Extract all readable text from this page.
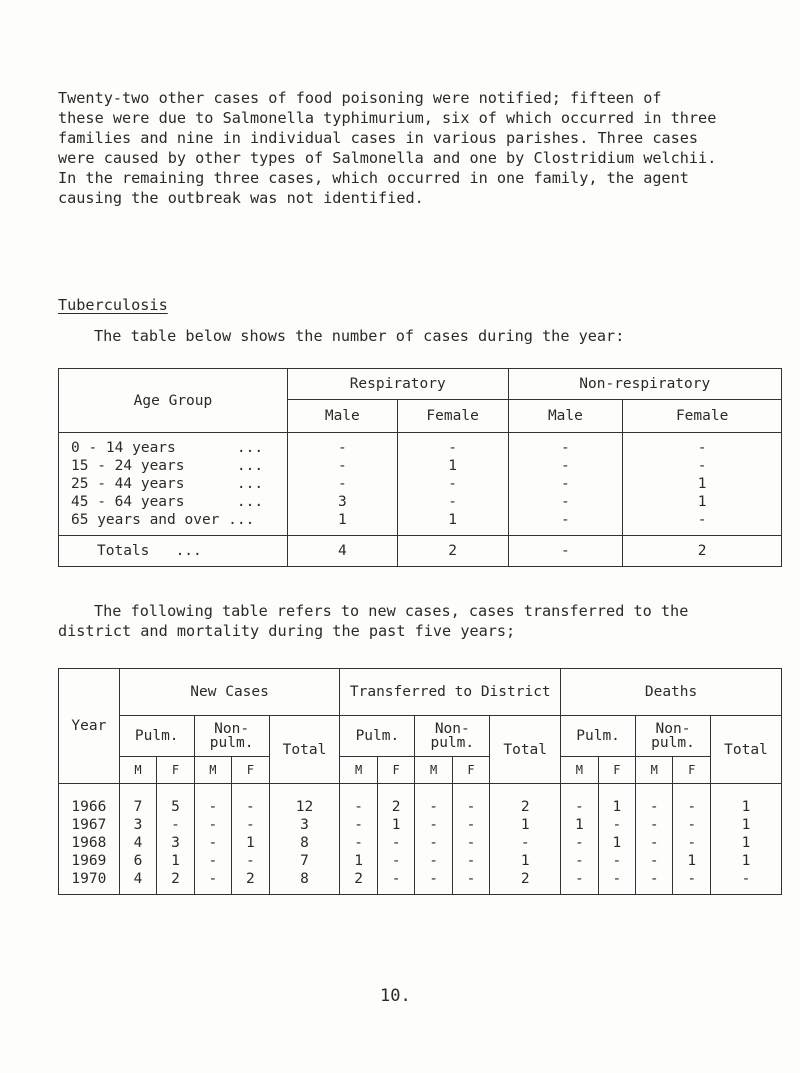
Twenty-two other cases of food poisoning were notified; fifteen of
these were due to Salmonella typhimurium, six of which occurred in three
families and nine in individual cases in various parishes. Three cases
were caused by other types of Salmonella and one by Clostridium welchii.
In the remaining three cases, which occurred in one family, the agent
causing the outbreak was not identified.
Tuberculosis
The table below shows the number of cases during the year:
Age Group	Respiratory		Non-respiratory	
	Male	Female	Male	Female
0 - 14 years       ...	-	-	-	-
15 - 24 years      ...	-	1	-	-
25 - 44 years      ...	-	-	-	1
45 - 64 years      ...	3	-	-	1
65 years and over ...	1	1	-	-
Totals   ...	4	2	-	2
The following table refers to new cases, cases transferred to the
district and mortality during the past five years;
Year	New Cases					Transferred to District					Deaths				
	Pulm.		Non-pulm.		Total	Pulm.		Non-pulm.		Total	Pulm.		Non-pulm.		Total
	M	F	M	F		M	F	M	F		M	F	M	F	
1966	7	5	-	-	12	-	2	-	-	2	-	1	-	-	1
1967	3	-	-	-	3	-	1	-	-	1	1	-	-	-	1
1968	4	3	-	1	8	-	-	-	-	-	-	1	-	-	1
1969	6	1	-	-	7	1	-	-	-	1	-	-	-	1	1
1970	4	2	-	2	8	2	-	-	-	2	-	-	-	-	-
10.
